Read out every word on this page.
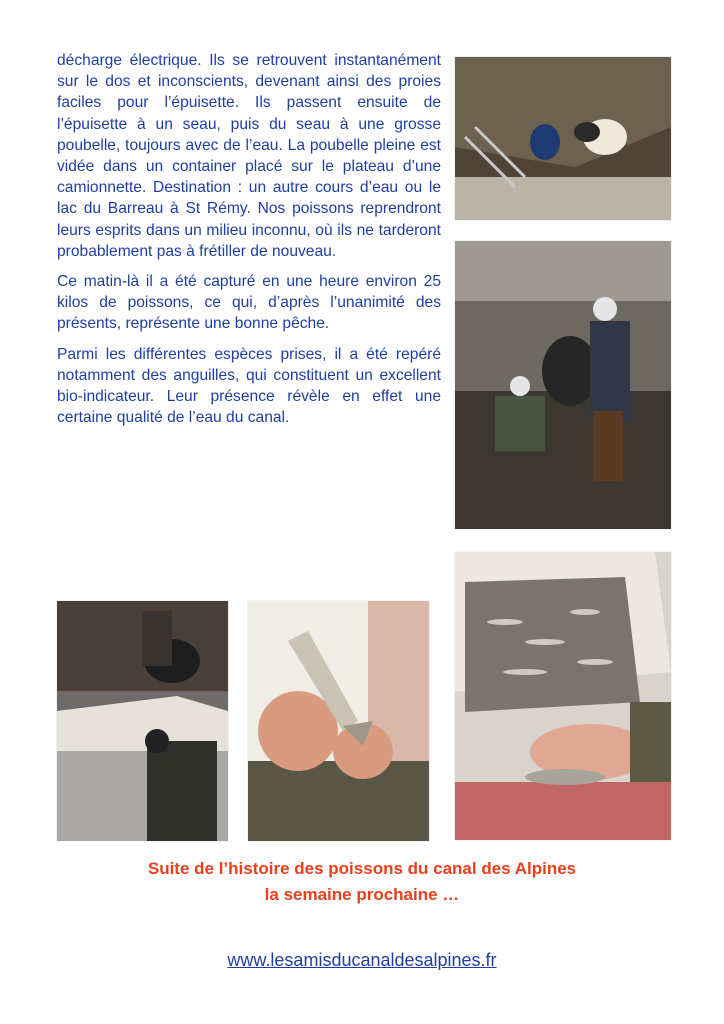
décharge électrique. Ils se retrouvent instantanément sur le dos et inconscients, devenant ainsi des proies faciles pour l’épuisette. Ils passent ensuite de l’épuisette à un seau, puis du seau à une grosse poubelle, toujours avec de l’eau. La poubelle pleine est vidée dans un container placé sur le plateau d’une camionnette. Destination : un autre cours d’eau ou le lac du Barreau à St Rémy. Nos poissons reprendront leurs esprits dans un milieu inconnu, où ils ne tarderont probablement pas à frétiller de nouveau.

Ce matin-là il a été capturé en une heure environ 25 kilos de poissons, ce qui, d’après l’unanimité des présents, représente une bonne pêche.

Parmi les différentes espèces prises, il a été repéré notamment des anguilles, qui constituent un excellent bio-indicateur. Leur présence révèle en effet une certaine qualité de l’eau du canal.

Suite de l’histoire des poissons du canal des Alpines
la semaine prochaine …
www.lesamisducanaldesalpines.fr
